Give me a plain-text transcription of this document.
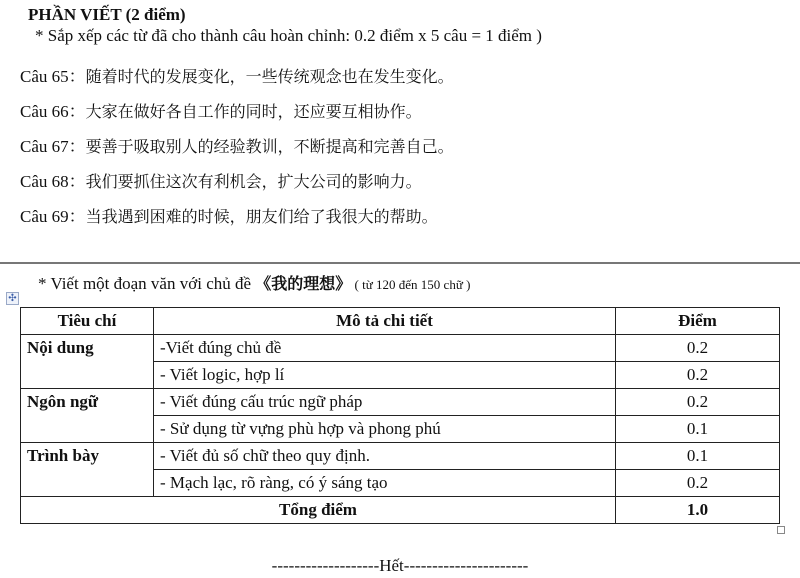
PHẦN VIẾT (2 điểm)
* Sắp xếp các từ đã cho thành câu hoàn chỉnh: 0.2 điểm x 5 câu = 1 điểm )
Câu 65：随着时代的发展变化，一些传统观念也在发生变化。
Câu 66：大家在做好各自工作的同时，还应要互相协作。
Câu 67：要善于吸取别人的经验教训，不断提高和完善自己。
Câu 68：我们要抓住这次有利机会，扩大公司的影响力。
Câu 69：当我遇到困难的时候，朋友们给了我很大的帮助。
* Viết một đoạn văn với chủ đề 《我的理想》 ( từ 120 đến 150 chữ )
✣
Tiêu chí	Mô tả chi tiết	Điểm
Nội dung	-Viết đúng chủ đề	0.2
	- Viết logic, hợp lí	0.2
Ngôn ngữ	- Viết đúng cấu trúc ngữ pháp	0.2
	- Sử dụng từ vựng phù hợp và phong phú	0.1
Trình bày	- Viết đủ số chữ theo quy định.	0.1
	- Mạch lạc, rõ ràng, có ý sáng tạo	0.2
Tổng điểm		1.0
-------------------Hết----------------------
